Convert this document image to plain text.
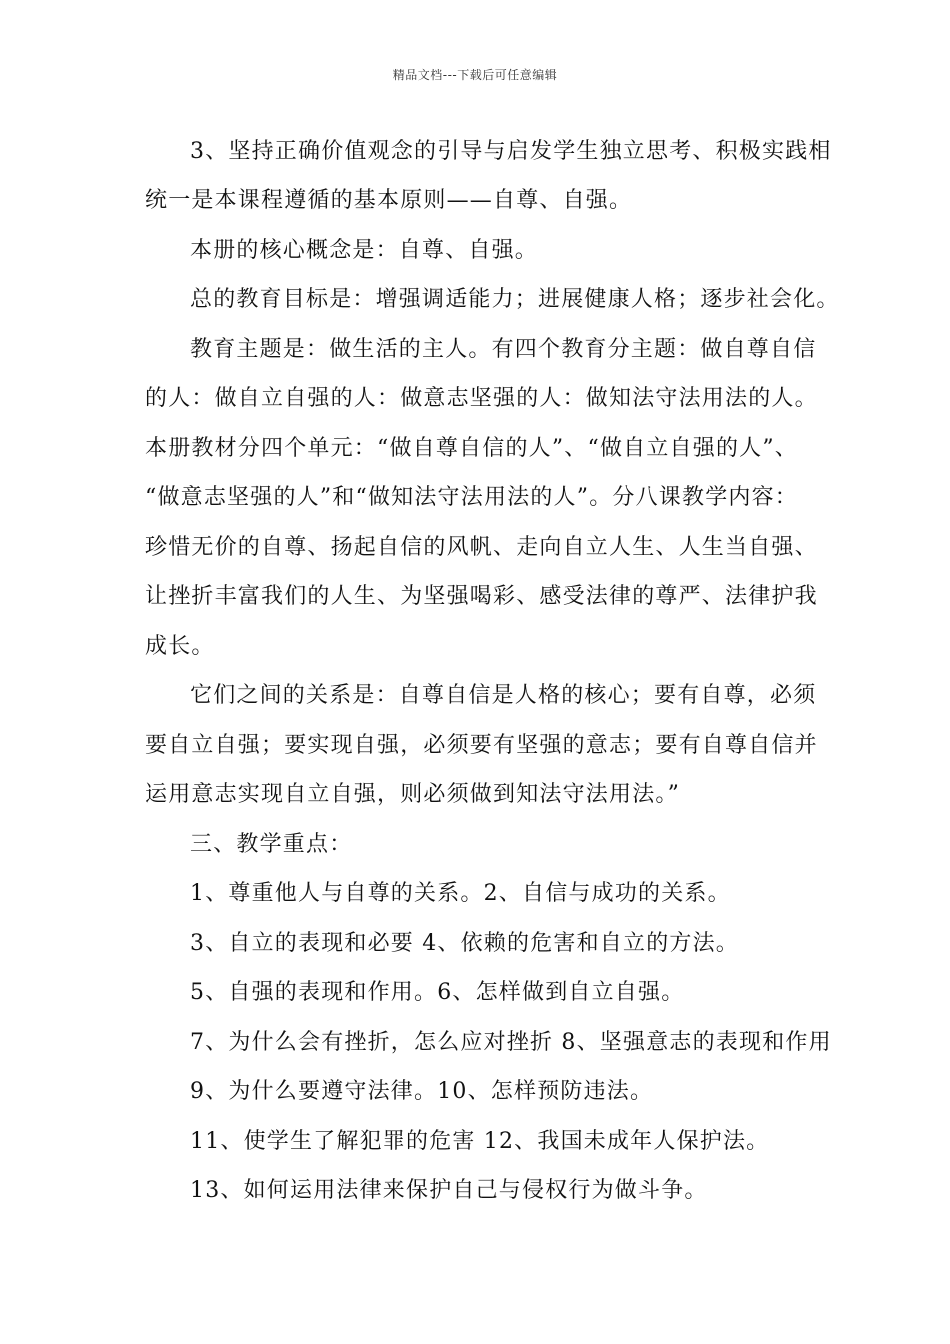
精品文档---下载后可任意编辑
3、坚持正确价值观念的引导与启发学生独立思考、积极实践相
统一是本课程遵循的基本原则——自尊、自强。
本册的核心概念是：自尊、自强。
总的教育目标是：增强调适能力；进展健康人格；逐步社会化。
教育主题是：做生活的主人。有四个教育分主题：做自尊自信
的人：做自立自强的人：做意志坚强的人：做知法守法用法的人。
本册教材分四个单元：“做自尊自信的人”、“做自立自强的人”、
“做意志坚强的人”和“做知法守法用法的人”。分八课教学内容：
珍惜无价的自尊、扬起自信的风帆、走向自立人生、人生当自强、
让挫折丰富我们的人生、为坚强喝彩、感受法律的尊严、法律护我
成长。
它们之间的关系是：自尊自信是人格的核心；要有自尊，必须
要自立自强；要实现自强，必须要有坚强的意志；要有自尊自信并
运用意志实现自立自强，则必须做到知法守法用法。”
三、教学重点：
1、尊重他人与自尊的关系。2、自信与成功的关系。
3、自立的表现和必要 4、依赖的危害和自立的方法。
5、自强的表现和作用。6、怎样做到自立自强。
7、为什么会有挫折，怎么应对挫折 8、坚强意志的表现和作用
9、为什么要遵守法律。10、怎样预防违法。
11、使学生了解犯罪的危害 12、我国未成年人保护法。
13、如何运用法律来保护自己与侵权行为做斗争。
